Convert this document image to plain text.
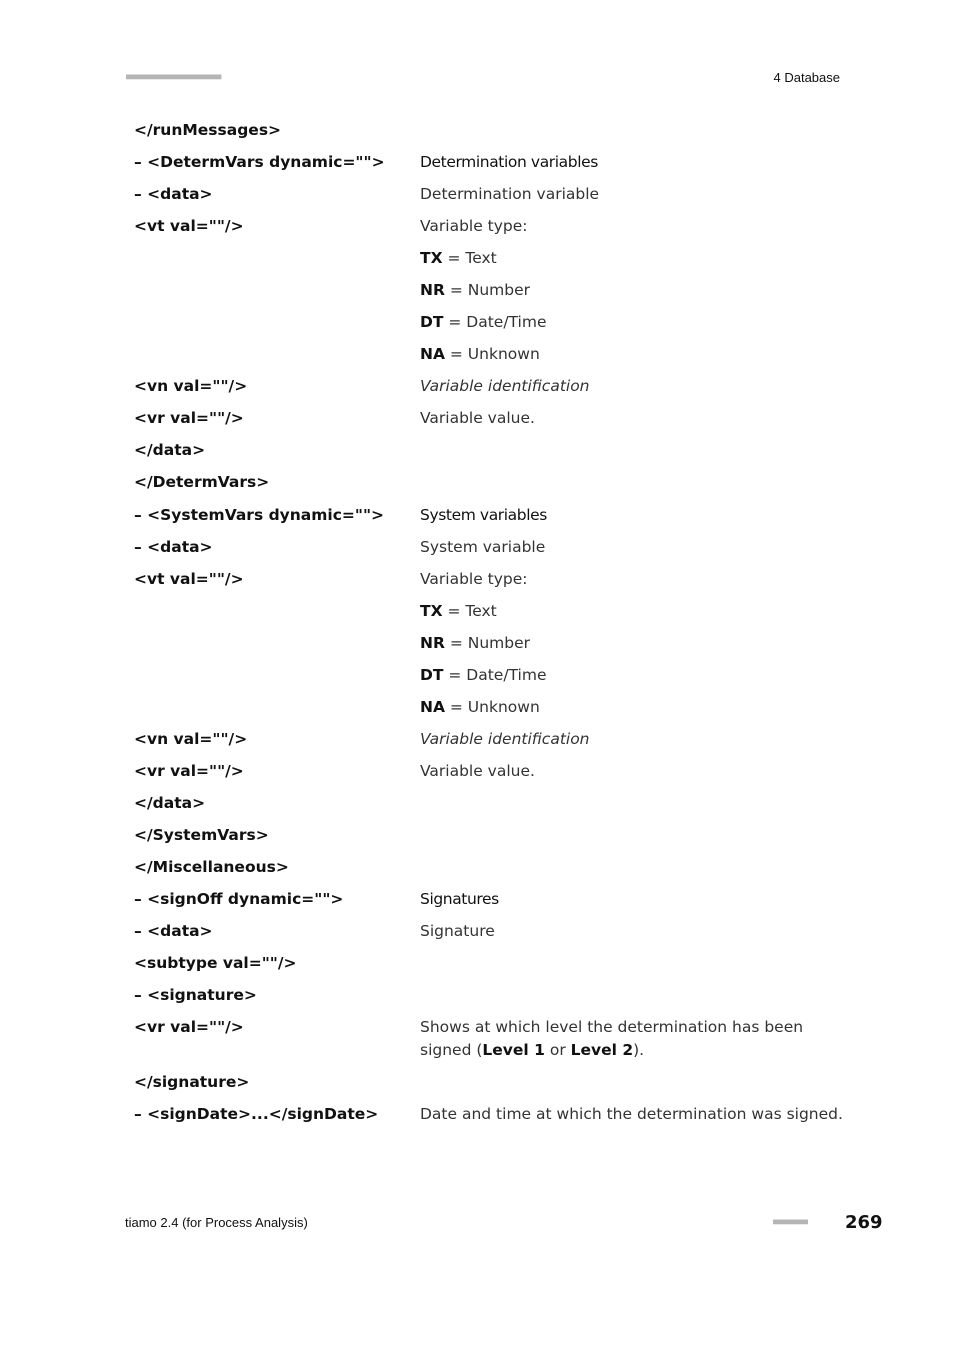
■■■■■■■■■■■■■■■■■■■■■■	4 Database
</runMessages>
– <DetermVars dynamic=""> Determination variables
– <data>	Determination variable
<vt val=""/>	Variable type:
TX = Text
NR = Number
DT = Date/Time
NA = Unknown
<vn val=""/>	Variable identification
<vr val=""/>	Variable value.
</data>
</DetermVars>
– <SystemVars dynamic=""> System variables
– <data>	System variable
<vt val=""/>	Variable type:
TX = Text
NR = Number
DT = Date/Time
NA = Unknown
<vn val=""/>	Variable identification
<vr val=""/>	Variable value.
</data>
</SystemVars>
</Miscellaneous>
– <signOff dynamic="">	Signatures
– <data>	Signature
<subtype val=""/>
– <signature>
<vr val=""/>	Shows at which level the determination has been signed (Level 1 or Level 2).
</signature>
– <signDate>...</signDate>	Date and time at which the determination was signed.
tiamo 2.4 (for Process Analysis)	■■■■■■■■ 269
